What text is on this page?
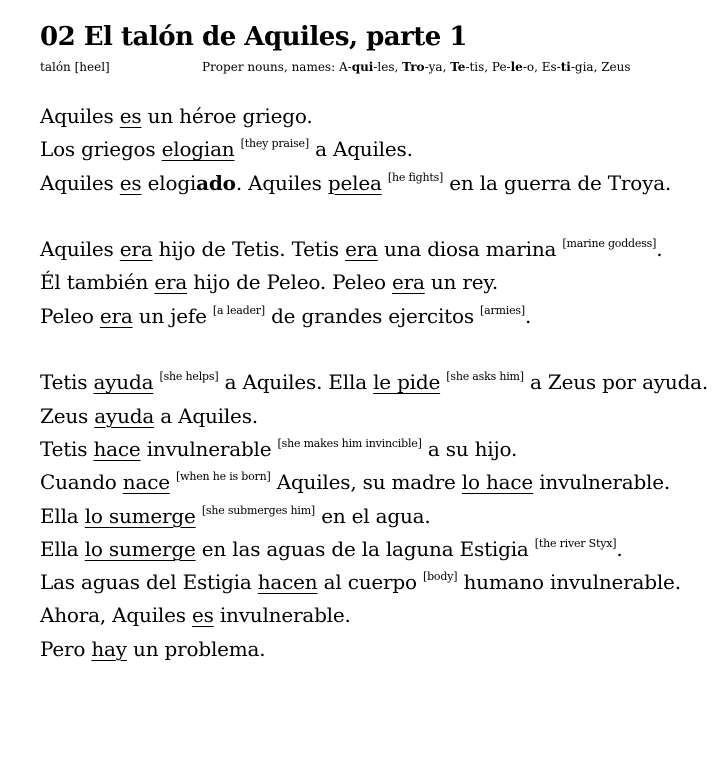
02 El talón de Aquiles, parte 1
talón [heel]	Proper nouns, names: A-qui-les, Tro-ya, Te-tis, Pe-le-o, Es-ti-gia, Zeus
Aquiles es un héroe griego.
Los griegos elogian [they praise] a Aquiles.
Aquiles es elogiado. Aquiles pelea [he fights] en la guerra de Troya.
Aquiles era hijo de Tetis. Tetis era una diosa marina [marine goddess].
Él también era hijo de Peleo. Peleo era un rey.
Peleo era un jefe [a leader] de grandes ejercitos [armies].
Tetis ayuda [she helps] a Aquiles. Ella le pide [she asks him] a Zeus por ayuda.
Zeus ayuda a Aquiles.
Tetis hace invulnerable [she makes him invincible] a su hijo.
Cuando nace [when he is born] Aquiles, su madre lo hace invulnerable.
Ella lo sumerge [she submerges him] en el agua.
Ella lo sumerge en las aguas de la laguna Estigia [the river Styx].
Las aguas del Estigia hacen al cuerpo [body] humano invulnerable.
Ahora, Aquiles es invulnerable.
Pero hay un problema.
